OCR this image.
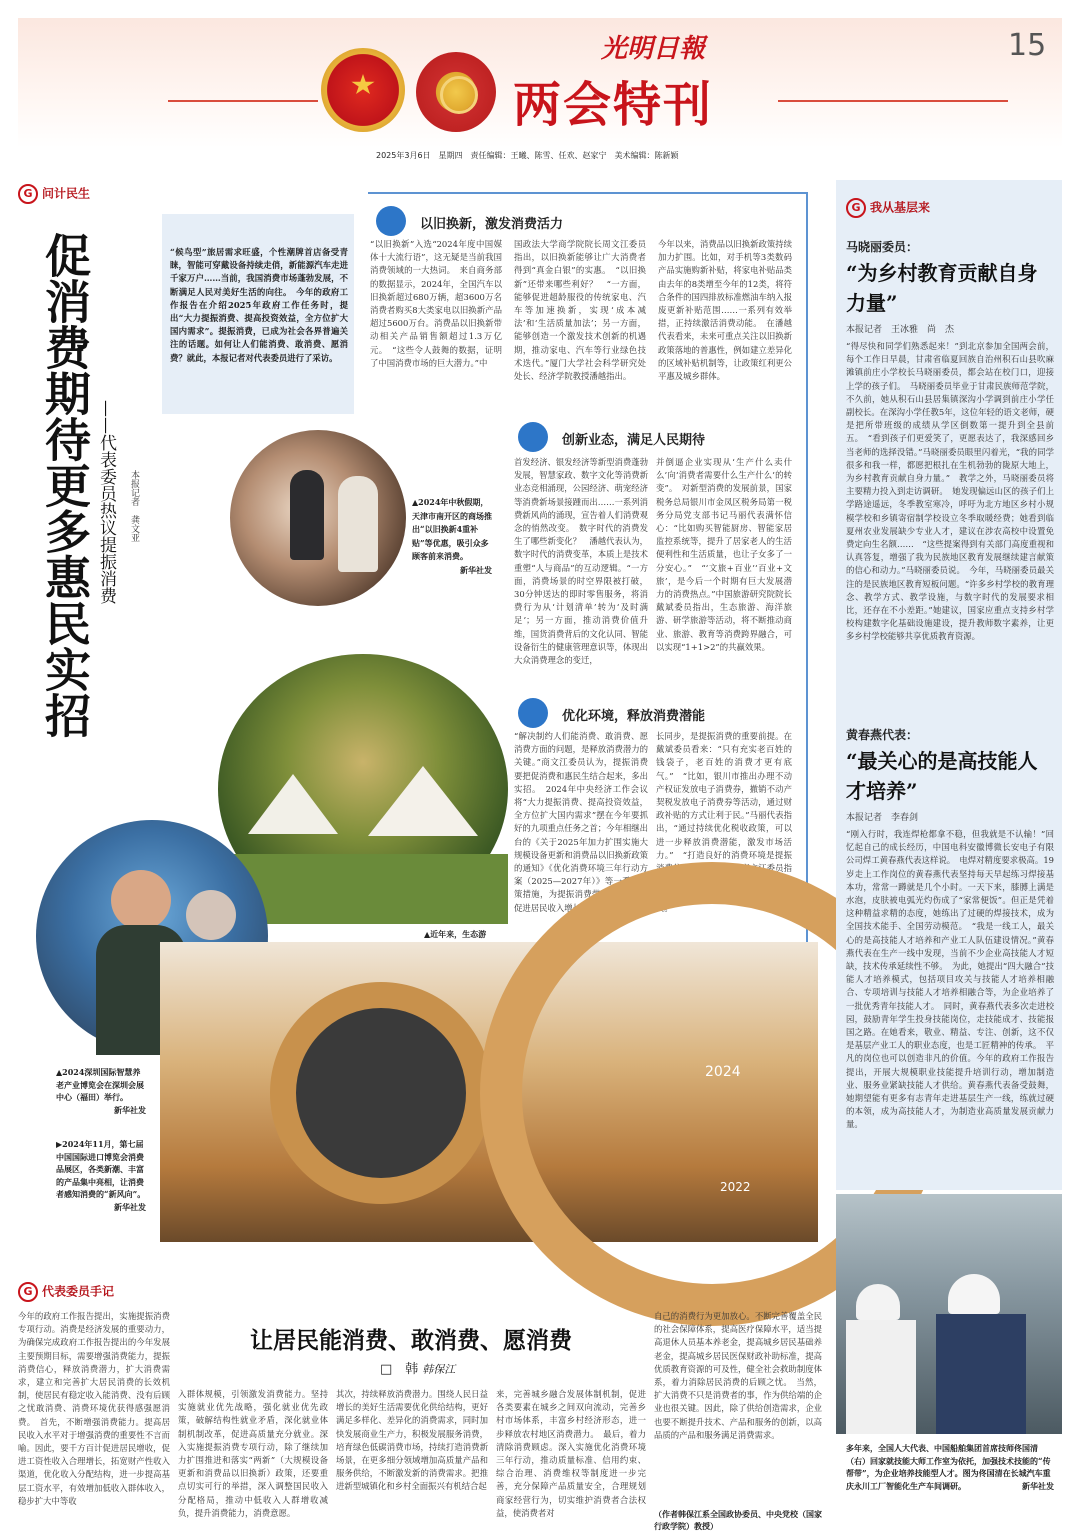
光明日報
两会特刊
15
2025年3月6日　星期四　责任编辑：王曦、陈雪、任欢、赵家宁　美术编辑：陈新颖
G 问计民生
促消费期待更多惠民实招 ——代表委员热议提振消费	本报记者　龚文亚
“候鸟型”旅居需求旺盛，个性潮牌首店备受青睐，智能可穿戴设备持续走俏，新能源汽车走进千家万户……当前，我国消费市场蓬勃发展，不断满足人民对美好生活的向往。　今年的政府工作报告在介绍2025年政府工作任务时，提出“大力提振消费、提高投资效益，全方位扩大国内需求”。提振消费，已成为社会各界普遍关注的话题。如何让人们能消费、敢消费、愿消费？就此，本报记者对代表委员进行了采访。
以旧换新，激发消费活力
“以旧换新”入选“2024年度中国媒体十大流行语”，这无疑是当前我国消费领域的一大热词。　来自商务部的数据显示，2024年，全国汽车以旧换新超过680万辆，超3600万名消费者购买8大类家电以旧换新产品超过5600万台。消费品以旧换新带动相关产品销售额超过1.3万亿元。　“这些令人鼓舞的数据，证明了中国消费市场的巨大潜力。”中
国政法大学商学院院长周文江委员指出，以旧换新能够让广大消费者得到“真金白银”的实惠。　“以旧换新”还带来哪些利好？　“一方面，能够促进超龄服役的传统家电、汽车等加速换新，实现‘成本减法’和‘生活质量加法’；另一方面，能够创造一个激发技术创新的机遇期，推动家电、汽车等行业绿色技术迭代。”厦门大学社会科学研究处处长、经济学院教授潘越指出。
今年以来，消费品以旧换新政策持续加力扩围。比如，对手机等3类数码产品实施购新补贴，将家电补贴品类由去年的8类增至今年的12类，将符合条件的国四排放标准燃油车纳入报废更新补贴范围……一系列有效举措，正持续激活消费动能。　在潘越代表看来，未来可重点关注以旧换新政策落地的普惠性，例如建立差异化的区域补贴机制等，让政策红利更公平惠及城乡群体。
创新业态，满足人民期待
首发经济、银发经济等新型消费蓬勃发展，智慧家政、数字文化等消费新业态竞相涌现，公园经济、萌宠经济等消费新场景接踵而出……一系列消费新风尚的涌现，宣告着人们消费观念的悄然改变。　数字时代的消费发生了哪些新变化？　潘越代表认为，数字时代的消费变革，本质上是技术重塑“人与商品”的互动逻辑。“一方面，消费场景的时空界限被打破，30分钟送达的即时零售服务，将消费行为从‘计划清单’转为‘及时满足’；另一方面，推动消费价值升维，国货消费背后的文化认同、智能设备衍生的健康管理意识等，体现出大众消费理念的变迁，
并倒逼企业实现从‘生产什么卖什么’向‘消费者需要什么生产什么’的转变”。　对新型消费的发展前景，国家税务总局银川市金凤区税务局第一税务分局党支部书记马丽代表满怀信心：“比如购买智能厨房、智能家居监控系统等，提升了居家老人的生活便利性和生活质量，也让子女多了一分安心。”　“‘文旅+百业’‘百业+文旅’，是今后一个时期有巨大发展潜力的消费热点。”中国旅游研究院院长戴斌委员指出，生态旅游、海洋旅游、研学旅游等活动，将不断推动商业、旅游、教育等消费跨界融合，可以实现“1+1>2”的共赢效果。
优化环境，释放消费潜能
“解决制约人们能消费、敢消费、愿消费方面的问题，是释放消费潜力的关键。”商文江委员认为，提振消费要把促消费和惠民生结合起来，多出实招。　2024年中央经济工作会议将“大力提振消费、提高投资效益，全方位扩大国内需求”摆在今年要抓好的九项重点任务之首；今年相继出台的《关于2025年加力扩围实施大规模设备更新和消费品以旧换新政策的通知》《优化消费环境三年行动方案（2025—2027年）》等一系列政策措施，为提振消费带来强烈信心。　促进居民收入增长和经济增
长同步，是提振消费的重要前提。在戴斌委员看来：“只有充实老百姓的钱袋子，老百姓的消费才更有底气。”　“比如，银川市推出办理不动产权证发放电子消费券，撤销不动产契税发放电子消费券等活动，通过财政补贴的方式让利于民。”马丽代表指出，“通过持续优化税收政策，可以进一步释放消费潜能，激发市场活力。”　“打造良好的消费环境是提振消费信心的重要一环。”商文江委员指出，要进一步畅通消费者权益保护渠道，让消费者能够更放心、安心地消费。
▲2024年中秋假期，天津市南开区的商场推出“以旧换新4重补贴”等优惠，吸引众多顾客前来消费。
新华社发
▲近年来，生态游
▲2024深圳国际智慧养老产业博览会在深圳会展中心（福田）举行。
新华社发
▶2024年11月，第七届中国国际进口博览会消费品展区，各类新潮、丰富的产品集中亮相，让消费者感知消费的“新风向”。
新华社发
2024
2022
G 我从基层来
马晓丽委员：
“为乡村教育贡献自身力量”
本报记者　王冰雅　尚　杰
“得尽快和同学们熟悉起来！”到北京参加全国两会前，每个工作日早晨，甘肃省临夏回族自治州积石山县吹麻滩镇前庄小学校长马晓丽委员，都会站在校门口，迎接上学的孩子们。　马晓丽委员毕业于甘肃民族师范学院，不久前，她从积石山县居集镇深沟小学调到前庄小学任副校长。在深沟小学任教5年，这位年轻的语文老师，硬是把所带班级的成绩从学区倒数第一提升到全县前五。　“看到孩子们更爱笑了，更愿表达了，我深感回乡当老师的选择没错。”马晓丽委员眼里闪着光，“我的同学很多和我一样，都愿把根扎在生机勃勃的陇原大地上，为乡村教育贡献自身力量。”　教学之外，马晓丽委员将主要精力投入到走访调研。　她发现偏远山区的孩子们上学路途遥远，冬季教室寒冷，呼吁为北方地区乡村小规模学校和乡镇寄宿制学校设立冬季取暖经费；她看到临夏州农业发展缺少专业人才，建议在涉农高校中设置免费定向生名额……　“这些提案得到有关部门高度重视和认真答复，增强了我为民族地区教育发展继续建言献策的信心和动力。”马晓丽委员说。　今年，马晓丽委员最关注的是民族地区教育短板问题。“许多乡村学校的教育理念、教学方式、教学设施，与数字时代的发展要求相比，还存在不小差距。”她建议，国家应重点支持乡村学校构建数字化基础设施建设，提升教师数字素养，让更多乡村学校能够共享优质教育资源。
黄春燕代表：
“最关心的是高技能人才培养”
本报记者　李春剑
“刚入行时，我连焊枪都拿不稳，但我就是不认输！”回忆起自己的成长经历，中国电科安徽博微长安电子有限公司焊工黄春燕代表这样说。　电焊对精度要求极高。19岁走上工作岗位的黄春燕代表坚持每天早起练习焊接基本功，常常一蹲就是几个小时。一天下来，膝膊上满是水泡，皮肤被电弧光灼伤成了“家常便饭”。但正是凭着这种精益求精的态度，她练出了过硬的焊接技术，成为全国技术能手、全国劳动模范。　“我是一线工人，最关心的是高技能人才培养和产业工人队伍建设情况。”黄春燕代表在生产一线中发现，当前不少企业高技能人才短缺，技术传承延续性不够。　为此，她提出“四大融合”技能人才培养模式，包括项目攻关与技能人才培养相融合、专项培训与技能人才培养相融合等，为企业培养了一批优秀青年技能人才。　同时，黄春燕代表多次走进校园，鼓励青年学生投身技能岗位，走技能成才、技能报国之路。在她看来，敬业、精益、专注、创新，这不仅是基层产业工人的职业态度，也是工匠精神的传承。　平凡的岗位也可以创造非凡的价值。今年的政府工作报告提出，开展大规模职业技能提升培训行动，增加制造业、服务业紧缺技能人才供给。黄春燕代表备受鼓舞，她期望能有更多有志青年走进基层生产一线，练就过硬的本领，成为高技能人才，为制造业高质量发展贡献力量。
多年来，全国人大代表、中国船舶集团首席技师佟国清（右）回家就技能大师工作室为依托，加强技术技能的“传帮带”，为企业培养技能型人才。图为佟国清在长城汽车重庆永川工厂智能化生产车间调研。	新华社发
G 代表委员手记
让居民能消费、敢消费、愿消费
□　韩 韩保江
今年的政府工作报告提出，实施提振消费专项行动。消费是经济发展的重要动力，为确保完成政府工作报告提出的今年发展主要预期目标，需要增强消费能力，提振消费信心，释放消费潜力，扩大消费需求，建立和完善扩大居民消费的长效机制，使居民有稳定收入能消费、没有后顾之忧敢消费、消费环境优获得感强愿消费。　首先，不断增强消费能力。提高居民收入水平对于增强消费的重要性不言而喻。因此，要千方百计促进居民增收，促进工资性收入合理增长，拓宽财产性收入渠道，优化收入分配结构，进一步提高基层工资水平，有效增加低收入群体收入，稳步扩大中等收
入群体规模，引领激发消费能力。坚持实施就业优先战略，强化就业优先政策，破解结构性就业矛盾，深化就业体制机制改革，促进高质量充分就业。深入实施提振消费专项行动，除了继续加力扩围推进和落实“两新”（大规模设备更新和消费品以旧换新）政策，还要重点切实可行的举措，深入调整国民收入分配格局，推动中低收入人群增收减负，提升消费能力，消费意愿。
其次，持续释放消费潜力。围绕人民日益增长的美好生活需要优化供给结构，更好满足多样化、差异化的消费需求，同时加快发展商业生产力，积极发展服务消费，培育绿色低碳消费市场，持续打造消费新场景，在更多细分领域增加高质量产品和服务供给，不断激发新的消费需求。把推进新型城镇化和乡村全面振兴有机结合起
来，完善城乡融合发展体制机制，促进各类要素在城乡之间双向流动，完善乡村市场体系，丰富乡村经济形态，进一步释放农村地区消费潜力。　最后，着力清除消费顾虑。深入实施优化消费环境三年行动，推动质量标准、信用约束、综合治理、消费维权等制度进一步完善，充分保障产品质量安全，合理规划商家经营行为，切实维护消费者合法权益，使消费者对
自己的消费行为更加放心。不断完善覆盖全民的社会保障体系，提高医疗保障水平，适当提高退休人员基本养老金，提高城乡居民基础养老金，提高城乡居民医保财政补助标准，提高优质教育资源的可及性，健全社会救助制度体系，着力消除居民消费的后顾之忧。　当然，扩大消费不只是消费者的事，作为供给端的企业也很关键。因此，除了供给创造需求，企业也要不断提升技术、产品和服务的创新，以高品质的产品和服务满足消费需求。
（作者韩保江系全国政协委员、中央党校（国家行政学院）教授）
